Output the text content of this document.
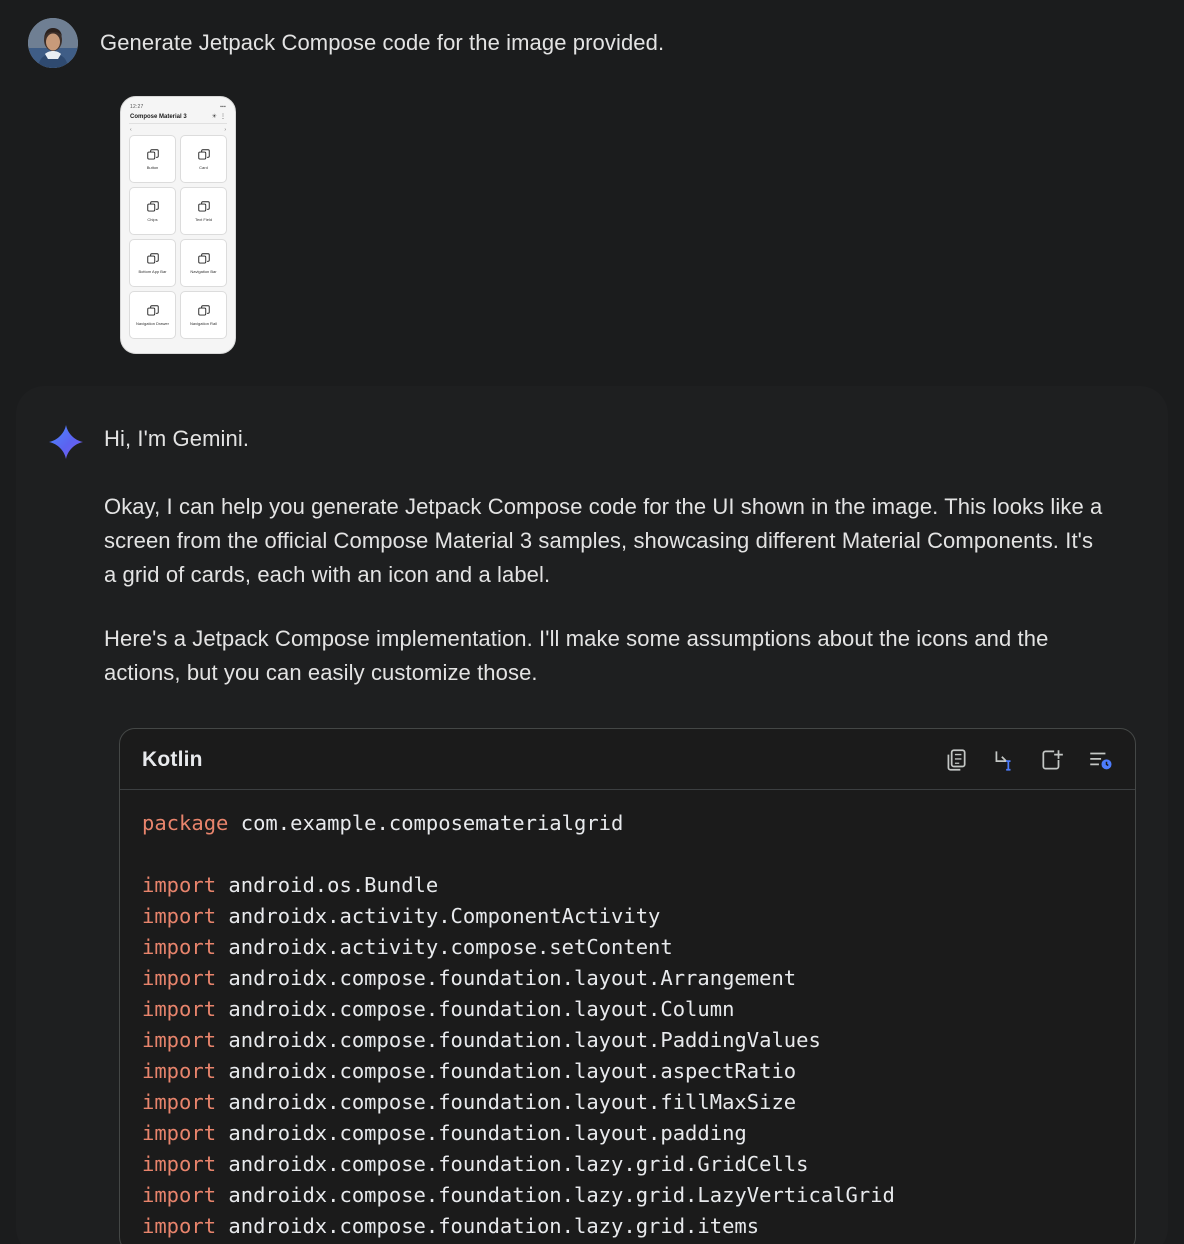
Generate Jetpack Compose code for the image provided.
12:27	▪▪▪
Compose Material 3	☀ ⋮
‹	›
Button	Card
Chips	Text Field
Bottom App Bar	Navigation Bar
Navigation Drawer	Navigation Rail

Hi, I'm Gemini.

Okay, I can help you generate Jetpack Compose code for the UI shown in the image. This looks like a screen from the official Compose Material 3 samples, showcasing different Material Components. It's a grid of cards, each with an icon and a label.

Here's a Jetpack Compose implementation. I'll make some assumptions about the icons and the actions, but you can easily customize those.

Kotlin
package com.example.composematerialgrid

import android.os.Bundle
import androidx.activity.ComponentActivity
import androidx.activity.compose.setContent
import androidx.compose.foundation.layout.Arrangement
import androidx.compose.foundation.layout.Column
import androidx.compose.foundation.layout.PaddingValues
import androidx.compose.foundation.layout.aspectRatio
import androidx.compose.foundation.layout.fillMaxSize
import androidx.compose.foundation.layout.padding
import androidx.compose.foundation.lazy.grid.GridCells
import androidx.compose.foundation.lazy.grid.LazyVerticalGrid
import androidx.compose.foundation.lazy.grid.items
